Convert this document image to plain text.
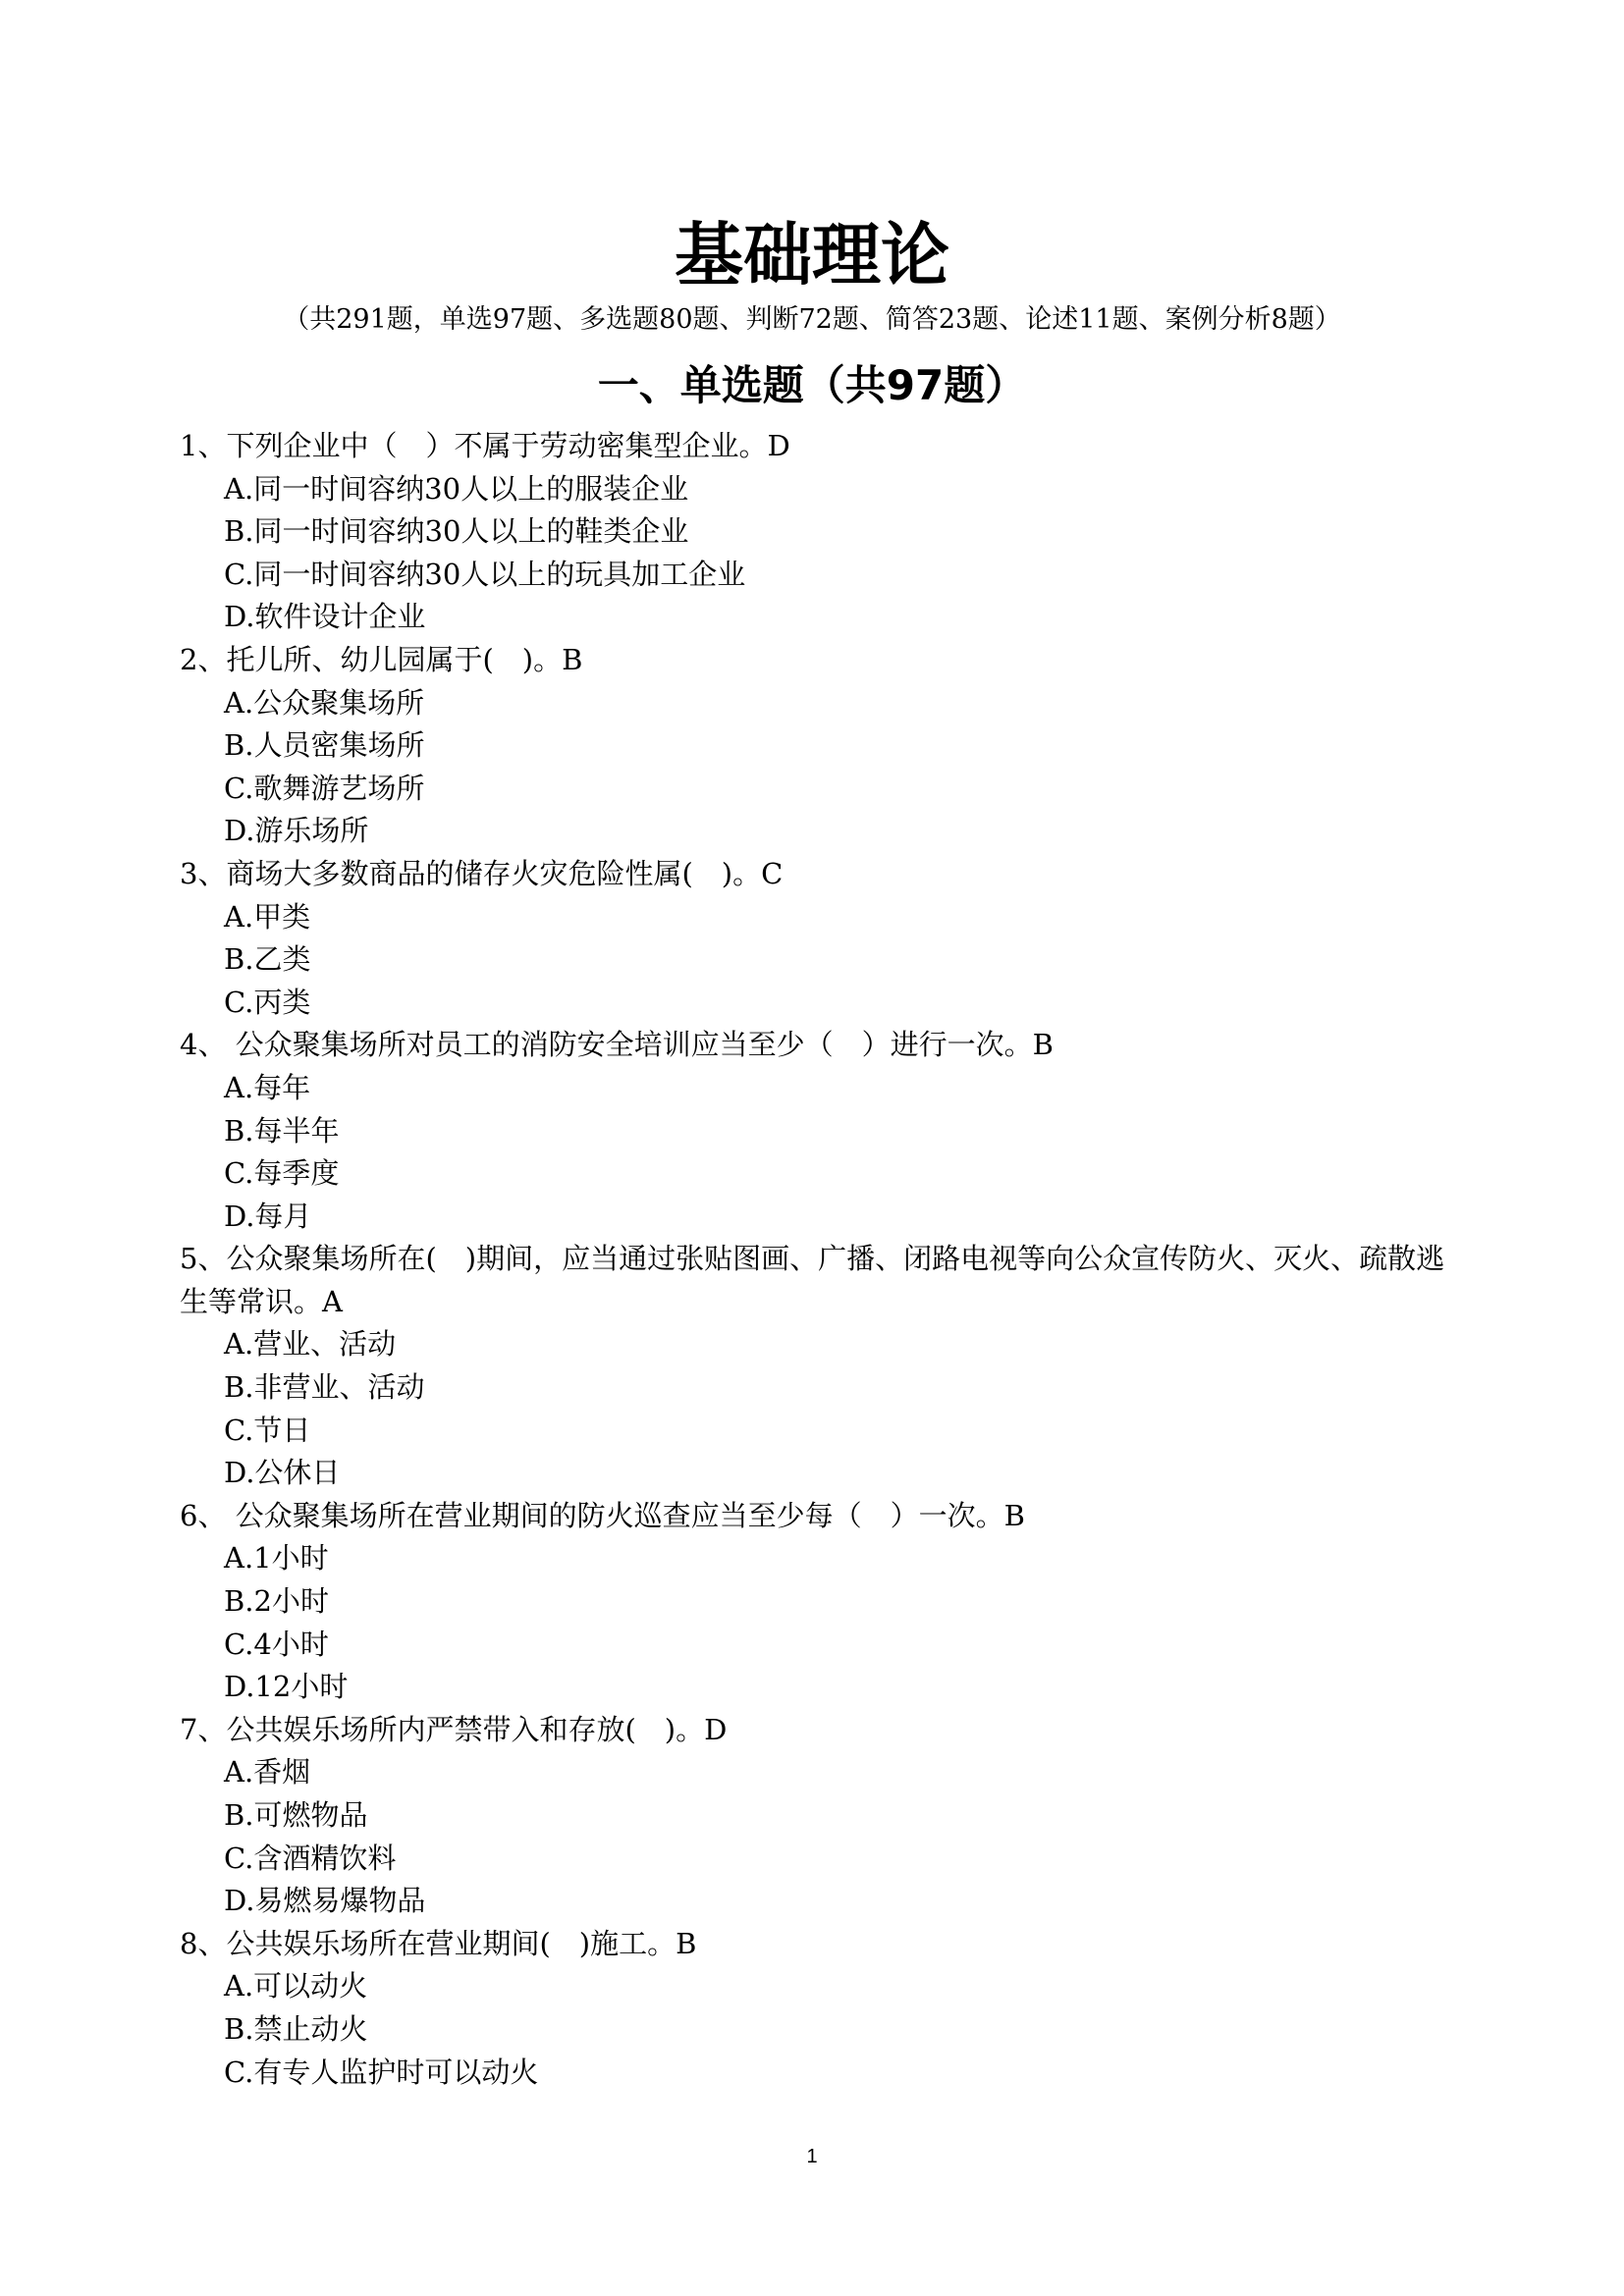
基础理论
（共291题，单选97题、多选题80题、判断72题、简答23题、论述11题、案例分析8题）
一、单选题（共97题）
1、下列企业中（　）不属于劳动密集型企业。D
A.同一时间容纳30人以上的服装企业
B.同一时间容纳30人以上的鞋类企业
C.同一时间容纳30人以上的玩具加工企业
D.软件设计企业
2、托儿所、幼儿园属于(　)。B
A.公众聚集场所
B.人员密集场所
C.歌舞游艺场所
D.游乐场所
3、商场大多数商品的储存火灾危险性属(　)。C
A.甲类
B.乙类
C.丙类
4、 公众聚集场所对员工的消防安全培训应当至少（　）进行一次。B
A.每年
B.每半年
C.每季度
D.每月
5、公众聚集场所在(　)期间，应当通过张贴图画、广播、闭路电视等向公众宣传防火、灭火、疏散逃生等常识。A
A.营业、活动
B.非营业、活动
C.节日
D.公休日
6、 公众聚集场所在营业期间的防火巡查应当至少每（　）一次。B
A.1小时
B.2小时
C.4小时
D.12小时
7、公共娱乐场所内严禁带入和存放(　)。D
A.香烟
B.可燃物品
C.含酒精饮料
D.易燃易爆物品
8、公共娱乐场所在营业期间(　)施工。B
A.可以动火
B.禁止动火
C.有专人监护时可以动火
1
